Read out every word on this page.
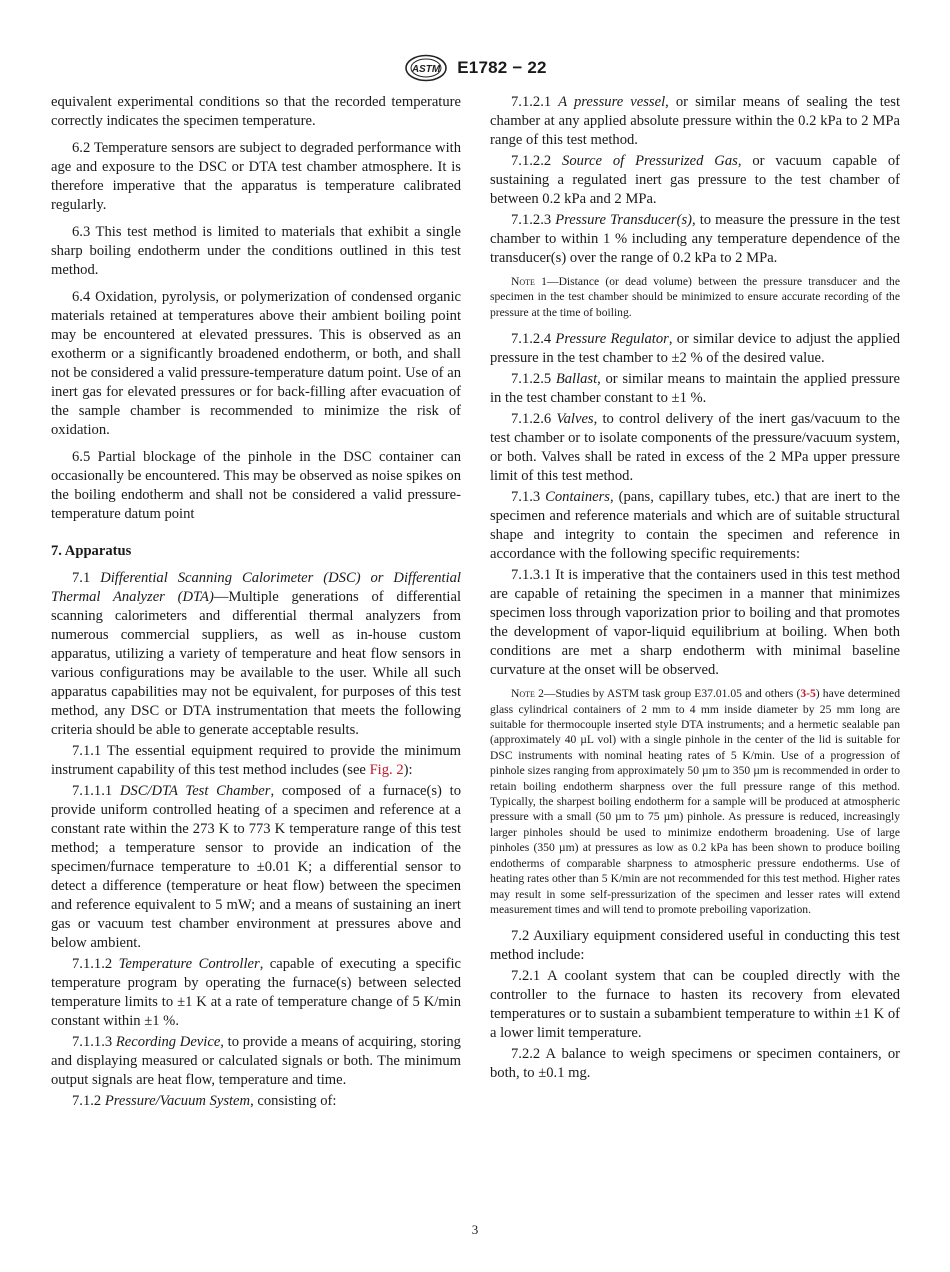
ASTM E1782 − 22

equivalent experimental conditions so that the recorded temperature correctly indicates the specimen temperature.

6.2 Temperature sensors are subject to degraded performance with age and exposure to the DSC or DTA test chamber atmosphere. It is therefore imperative that the apparatus is temperature calibrated regularly.

6.3 This test method is limited to materials that exhibit a single sharp boiling endotherm under the conditions outlined in this test method.

6.4 Oxidation, pyrolysis, or polymerization of condensed organic materials retained at temperatures above their ambient boiling point may be encountered at elevated pressures. This is observed as an exotherm or a significantly broadened endotherm, or both, and shall not be considered a valid pressure-temperature datum point. Use of an inert gas for elevated pressures or for back-filling after evacuation of the sample chamber is recommended to minimize the risk of oxidation.

6.5 Partial blockage of the pinhole in the DSC container can occasionally be encountered. This may be observed as noise spikes on the boiling endotherm and shall not be considered a valid pressure-temperature datum point

7. Apparatus

7.1 Differential Scanning Calorimeter (DSC) or Differential Thermal Analyzer (DTA)—Multiple generations of differential scanning calorimeters and differential thermal analyzers from numerous commercial suppliers, as well as in-house custom apparatus, utilizing a variety of temperature and heat flow sensors in various configurations may be available to the user. While all such apparatus capabilities may not be equivalent, for purposes of this test method, any DSC or DTA instrumentation that meets the following criteria should be able to generate acceptable results.

7.1.1 The essential equipment required to provide the minimum instrument capability of this test method includes (see Fig. 2):

7.1.1.1 DSC/DTA Test Chamber, composed of a furnace(s) to provide uniform controlled heating of a specimen and reference at a constant rate within the 273 K to 773 K temperature range of this test method; a temperature sensor to provide an indication of the specimen/furnace temperature to ±0.01 K; a differential sensor to detect a difference (temperature or heat flow) between the specimen and reference equivalent to 5 mW; and a means of sustaining an inert gas or vacuum test chamber environment at pressures above and below ambient.

7.1.1.2 Temperature Controller, capable of executing a specific temperature program by operating the furnace(s) between selected temperature limits to ±1 K at a rate of temperature change of 5 K/min constant within ±1 %.

7.1.1.3 Recording Device, to provide a means of acquiring, storing and displaying measured or calculated signals or both. The minimum output signals are heat flow, temperature and time.

7.1.2 Pressure/Vacuum System, consisting of:

7.1.2.1 A pressure vessel, or similar means of sealing the test chamber at any applied absolute pressure within the 0.2 kPa to 2 MPa range of this test method.

7.1.2.2 Source of Pressurized Gas, or vacuum capable of sustaining a regulated inert gas pressure to the test chamber of between 0.2 kPa and 2 MPa.

7.1.2.3 Pressure Transducer(s), to measure the pressure in the test chamber to within 1 % including any temperature dependence of the transducer(s) over the range of 0.2 kPa to 2 MPa.

Note 1—Distance (or dead volume) between the pressure transducer and the specimen in the test chamber should be minimized to ensure accurate recording of the pressure at the time of boiling.

7.1.2.4 Pressure Regulator, or similar device to adjust the applied pressure in the test chamber to ±2 % of the desired value.

7.1.2.5 Ballast, or similar means to maintain the applied pressure in the test chamber constant to ±1 %.

7.1.2.6 Valves, to control delivery of the inert gas/vacuum to the test chamber or to isolate components of the pressure/vacuum system, or both. Valves shall be rated in excess of the 2 MPa upper pressure limit of this test method.

7.1.3 Containers, (pans, capillary tubes, etc.) that are inert to the specimen and reference materials and which are of suitable structural shape and integrity to contain the specimen and reference in accordance with the following specific requirements:

7.1.3.1 It is imperative that the containers used in this test method are capable of retaining the specimen in a manner that minimizes specimen loss through vaporization prior to boiling and that promotes the development of vapor-liquid equilibrium at boiling. When both conditions are met a sharp endotherm with minimal baseline curvature at the onset will be observed.

Note 2—Studies by ASTM task group E37.01.05 and others (3-5) have determined glass cylindrical containers of 2 mm to 4 mm inside diameter by 25 mm long are suitable for thermocouple inserted style DTA instruments; and a hermetic sealable pan (approximately 40 µL vol) with a single pinhole in the center of the lid is suitable for DSC instruments with nominal heating rates of 5 K/min. Use of a progression of pinhole sizes ranging from approximately 50 µm to 350 µm is recommended in order to retain boiling endotherm sharpness over the full pressure range of this method. Typically, the sharpest boiling endotherm for a sample will be produced at atmospheric pressure with a small (50 µm to 75 µm) pinhole. As pressure is reduced, increasingly larger pinholes should be used to minimize endotherm broadening. Use of large pinholes (350 µm) at pressures as low as 0.2 kPa has been shown to produce boiling endotherms of comparable sharpness to atmospheric pressure endotherms. Use of heating rates other than 5 K/min are not recommended for this test method. Higher rates may result in some self-pressurization of the specimen and lesser rates will extend measurement times and will tend to promote preboiling vaporization.

7.2 Auxiliary equipment considered useful in conducting this test method include:

7.2.1 A coolant system that can be coupled directly with the controller to the furnace to hasten its recovery from elevated temperatures or to sustain a subambient temperature to within ±1 K of a lower limit temperature.

7.2.2 A balance to weigh specimens or specimen containers, or both, to ±0.1 mg.

3
